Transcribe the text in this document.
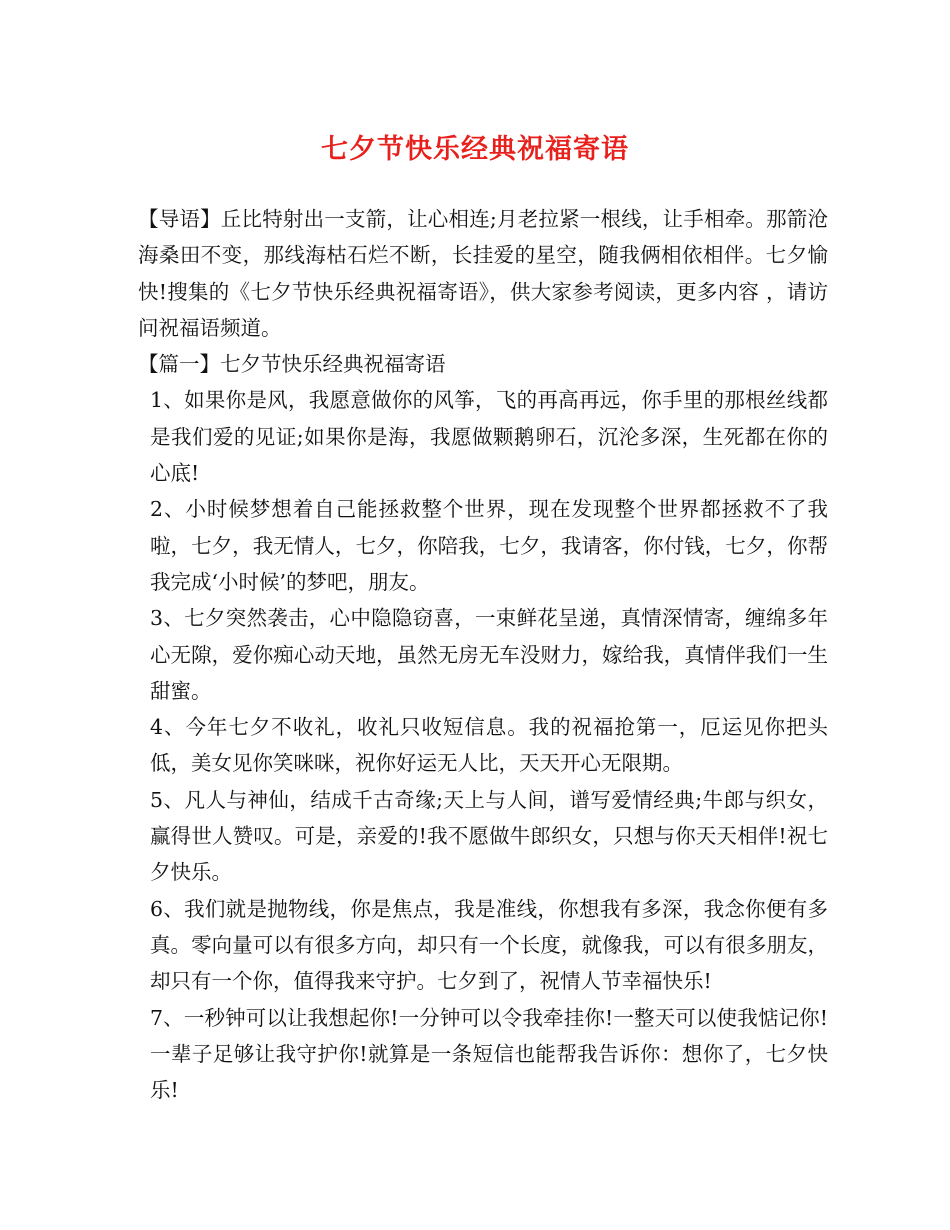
七夕节快乐经典祝福寄语

【导语】丘比特射出一支箭，让心相连;月老拉紧一根线，让手相牵。那箭沧海桑田不变，那线海枯石烂不断，长挂爱的星空，随我俩相依相伴。七夕愉快!搜集的《七夕节快乐经典祝福寄语》，供大家参考阅读，更多内容 ，请访问祝福语频道。

【篇一】七夕节快乐经典祝福寄语

1、如果你是风，我愿意做你的风筝，飞的再高再远，你手里的那根丝线都是我们爱的见证;如果你是海，我愿做颗鹅卵石，沉沦多深，生死都在你的心底!

2、小时候梦想着自己能拯救整个世界，现在发现整个世界都拯救不了我啦，七夕，我无情人，七夕，你陪我，七夕，我请客，你付钱，七夕，你帮我完成‘小时候’的梦吧，朋友。

3、七夕突然袭击，心中隐隐窃喜，一束鲜花呈递，真情深情寄，缠绵多年心无隙，爱你痴心动天地，虽然无房无车没财力，嫁给我，真情伴我们一生甜蜜。

4、今年七夕不收礼，收礼只收短信息。我的祝福抢第一，厄运见你把头低，美女见你笑咪咪，祝你好运无人比，天天开心无限期。

5、凡人与神仙，结成千古奇缘;天上与人间，谱写爱情经典;牛郎与织女，赢得世人赞叹。可是，亲爱的!我不愿做牛郎织女，只想与你天天相伴!祝七夕快乐。

6、我们就是抛物线，你是焦点，我是准线，你想我有多深，我念你便有多真。零向量可以有很多方向，却只有一个长度，就像我，可以有很多朋友，却只有一个你，值得我来守护。七夕到了，祝情人节幸福快乐!

7、一秒钟可以让我想起你!一分钟可以令我牵挂你!一整天可以使我惦记你!一辈子足够让我守护你!就算是一条短信也能帮我告诉你：想你了，七夕快乐!
